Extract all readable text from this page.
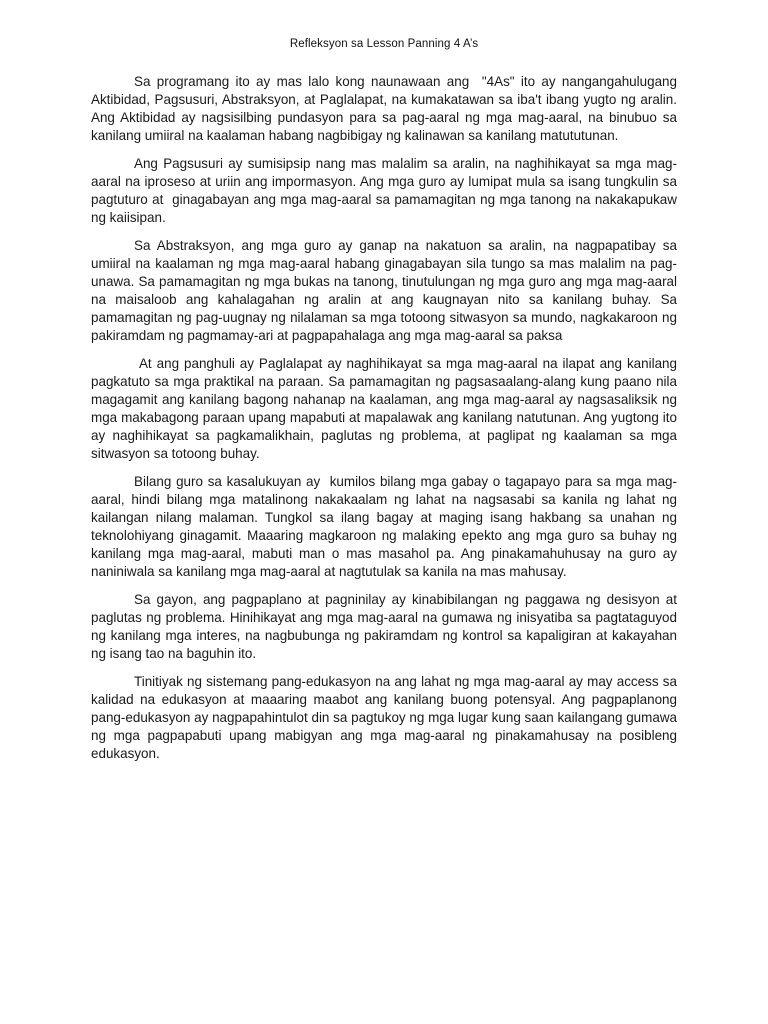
Refleksyon sa Lesson Panning 4 A’s

Sa programang ito ay mas lalo kong naunawaan ang  "4As" ito ay nangangahulugang Aktibidad, Pagsusuri, Abstraksyon, at Paglalapat, na kumakatawan sa iba't ibang yugto ng aralin. Ang Aktibidad ay nagsisilbing pundasyon para sa pag-aaral ng mga mag-aaral, na binubuo sa kanilang umiiral na kaalaman habang nagbibigay ng kalinawan sa kanilang matututunan.

Ang Pagsusuri ay sumisipsip nang mas malalim sa aralin, na naghihikayat sa mga mag-aaral na iproseso at uriin ang impormasyon. Ang mga guro ay lumipat mula sa isang tungkulin sa pagtuturo at  ginagabayan ang mga mag-aaral sa pamamagitan ng mga tanong na nakakapukaw ng kaiisipan.

Sa Abstraksyon, ang mga guro ay ganap na nakatuon sa aralin, na nagpapatibay sa umiiral na kaalaman ng mga mag-aaral habang ginagabayan sila tungo sa mas malalim na pag-unawa. Sa pamamagitan ng mga bukas na tanong, tinutulungan ng mga guro ang mga mag-aaral na maisaloob ang kahalagahan ng aralin at ang kaugnayan nito sa kanilang buhay. Sa pamamagitan ng pag-uugnay ng nilalaman sa mga totoong sitwasyon sa mundo, nagkakaroon ng pakiramdam ng pagmamay-ari at pagpapahalaga ang mga mag-aaral sa paksa

At ang panghuli ay Paglalapat ay naghihikayat sa mga mag-aaral na ilapat ang kanilang pagkatuto sa mga praktikal na paraan. Sa pamamagitan ng pagsasaalang-alang kung paano nila magagamit ang kanilang bagong nahanap na kaalaman, ang mga mag-aaral ay nagsasaliksik ng mga makabagong paraan upang mapabuti at mapalawak ang kanilang natutunan. Ang yugtong ito ay naghihikayat sa pagkamalikhain, paglutas ng problema, at paglipat ng kaalaman sa mga sitwasyon sa totoong buhay.

Bilang guro sa kasalukuyan ay  kumilos bilang mga gabay o tagapayo para sa mga mag-aaral, hindi bilang mga matalinong nakakaalam ng lahat na nagsasabi sa kanila ng lahat ng kailangan nilang malaman. Tungkol sa ilang bagay at maging isang hakbang sa unahan ng teknolohiyang ginagamit. Maaaring magkaroon ng malaking epekto ang mga guro sa buhay ng kanilang mga mag-aaral, mabuti man o mas masahol pa. Ang pinakamahuhusay na guro ay naniniwala sa kanilang mga mag-aaral at nagtutulak sa kanila na mas mahusay.

Sa gayon, ang pagpaplano at pagninilay ay kinabibilangan ng paggawa ng desisyon at paglutas ng problema. Hinihikayat ang mga mag-aaral na gumawa ng inisyatiba sa pagtataguyod ng kanilang mga interes, na nagbubunga ng pakiramdam ng kontrol sa kapaligiran at kakayahan ng isang tao na baguhin ito.

Tinitiyak ng sistemang pang-edukasyon na ang lahat ng mga mag-aaral ay may access sa kalidad na edukasyon at maaaring maabot ang kanilang buong potensyal. Ang pagpaplanong pang-edukasyon ay nagpapahintulot din sa pagtukoy ng mga lugar kung saan kailangang gumawa ng mga pagpapabuti upang mabigyan ang mga mag-aaral ng pinakamahusay na posibleng edukasyon.
